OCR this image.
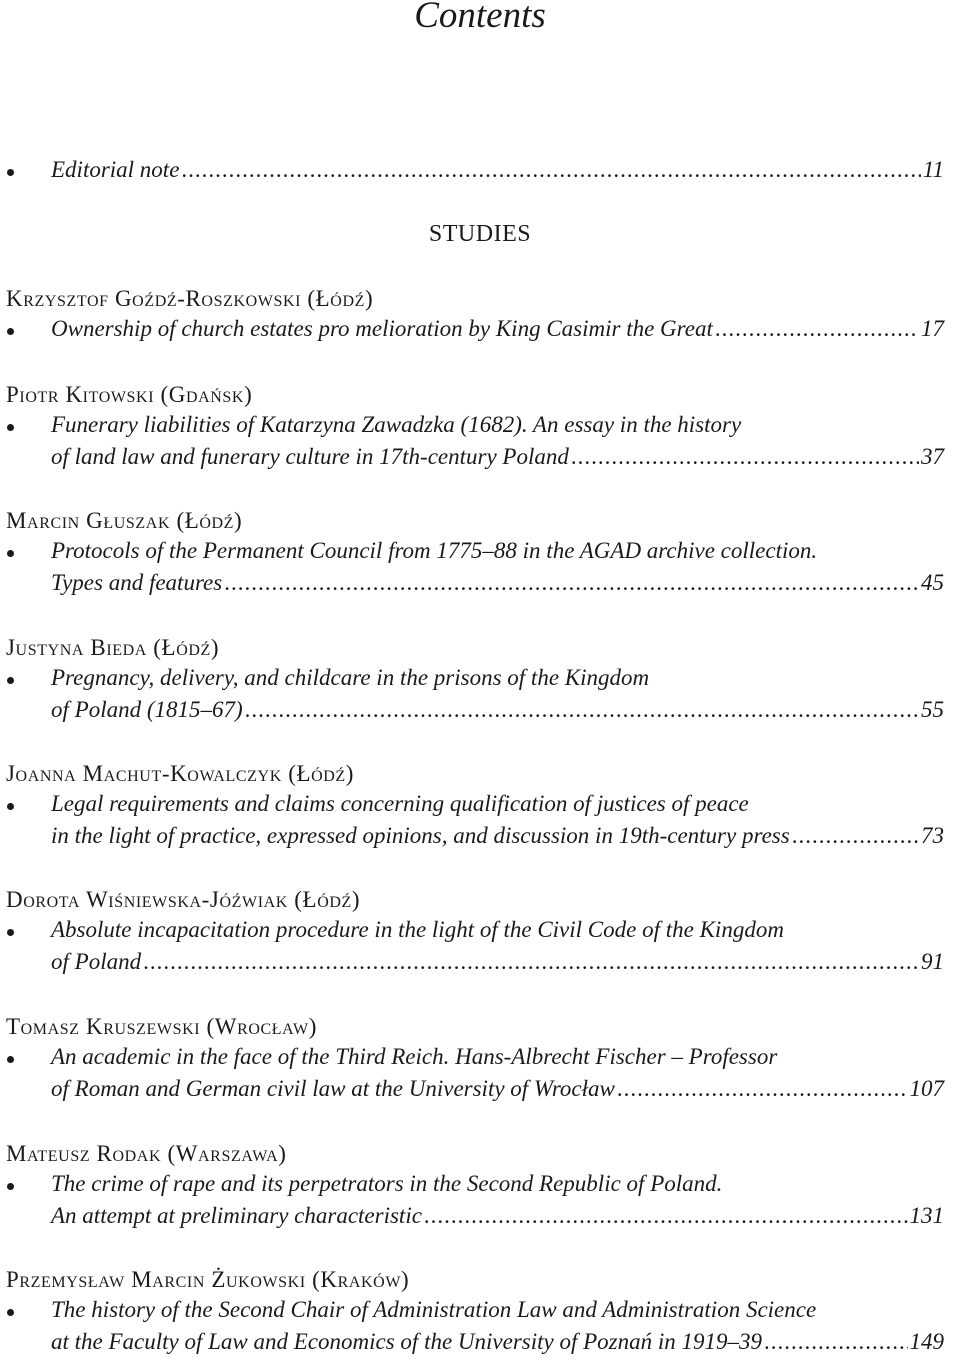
Contents
Editorial note .....	11
STUDIES
Krzysztof Goźdź-Roszkowski (Łódź)
Ownership of church estates pro melioration by King Casimir the Great .....	17
Piotr Kitowski (Gdańsk)
Funerary liabilities of Katarzyna Zawadzka (1682). An essay in the history
of land law and funerary culture in 17th-century Poland .....	37
Marcin Głuszak (Łódź)
Protocols of the Permanent Council from 1775–88 in the AGAD archive collection.
Types and features .....	45
Justyna Bieda (Łódź)
Pregnancy, delivery, and childcare in the prisons of the Kingdom
of Poland (1815–67) .....	55
Joanna Machut-Kowalczyk (Łódź)
Legal requirements and claims concerning qualification of justices of peace
in the light of practice, expressed opinions, and discussion in 19th-century press .....	73
Dorota Wiśniewska-Jóźwiak (Łódź)
Absolute incapacitation procedure in the light of the Civil Code of the Kingdom
of Poland .....	91
Tomasz Kruszewski (Wrocław)
An academic in the face of the Third Reich. Hans-Albrecht Fischer – Professor
of Roman and German civil law at the University of Wrocław .....	107
Mateusz Rodak (Warszawa)
The crime of rape and its perpetrators in the Second Republic of Poland.
An attempt at preliminary characteristic .....	131
Przemysław Marcin Żukowski (Kraków)
The history of the Second Chair of Administration Law and Administration Science
at the Faculty of Law and Economics of the University of Poznań in 1919–39 .....	149
